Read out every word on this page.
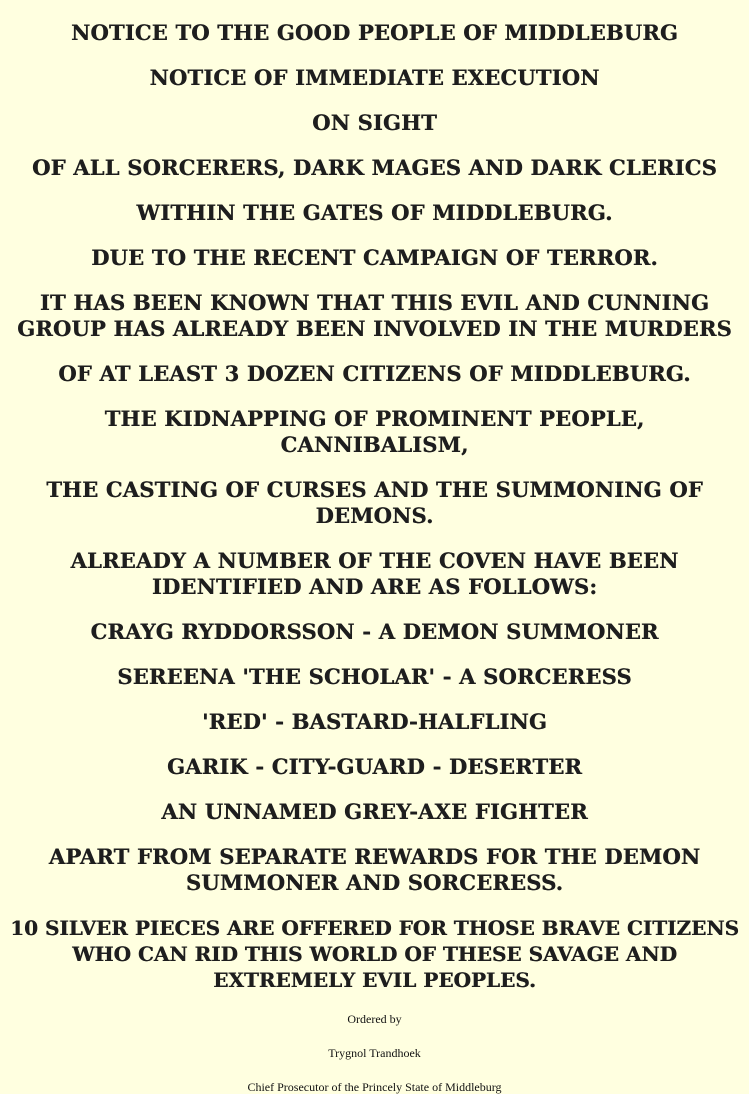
NOTICE TO THE GOOD PEOPLE OF MIDDLEBURG

NOTICE OF IMMEDIATE EXECUTION

ON SIGHT

OF ALL SORCERERS, DARK MAGES AND DARK CLERICS

WITHIN THE GATES OF MIDDLEBURG.

DUE TO THE RECENT CAMPAIGN OF TERROR.

IT HAS BEEN KNOWN THAT THIS EVIL AND CUNNING GROUP HAS ALREADY BEEN INVOLVED IN THE MURDERS

OF AT LEAST 3 DOZEN CITIZENS OF MIDDLEBURG.

THE KIDNAPPING OF PROMINENT PEOPLE, CANNIBALISM,

THE CASTING OF CURSES AND THE SUMMONING OF DEMONS.

ALREADY A NUMBER OF THE COVEN HAVE BEEN IDENTIFIED AND ARE AS FOLLOWS:

CRAYG RYDDORSSON - A DEMON SUMMONER

SEREENA 'THE SCHOLAR' - A SORCERESS

'RED' - BASTARD-HALFLING

GARIK - CITY-GUARD - DESERTER

AN UNNAMED GREY-AXE FIGHTER

APART FROM SEPARATE REWARDS FOR THE DEMON SUMMONER AND SORCERESS.

10 SILVER PIECES ARE OFFERED FOR THOSE BRAVE CITIZENS WHO CAN RID THIS WORLD OF THESE SAVAGE AND EXTREMELY EVIL PEOPLES.

Ordered by

Trygnol Trandhoek

Chief Prosecutor of the Princely State of Middleburg
